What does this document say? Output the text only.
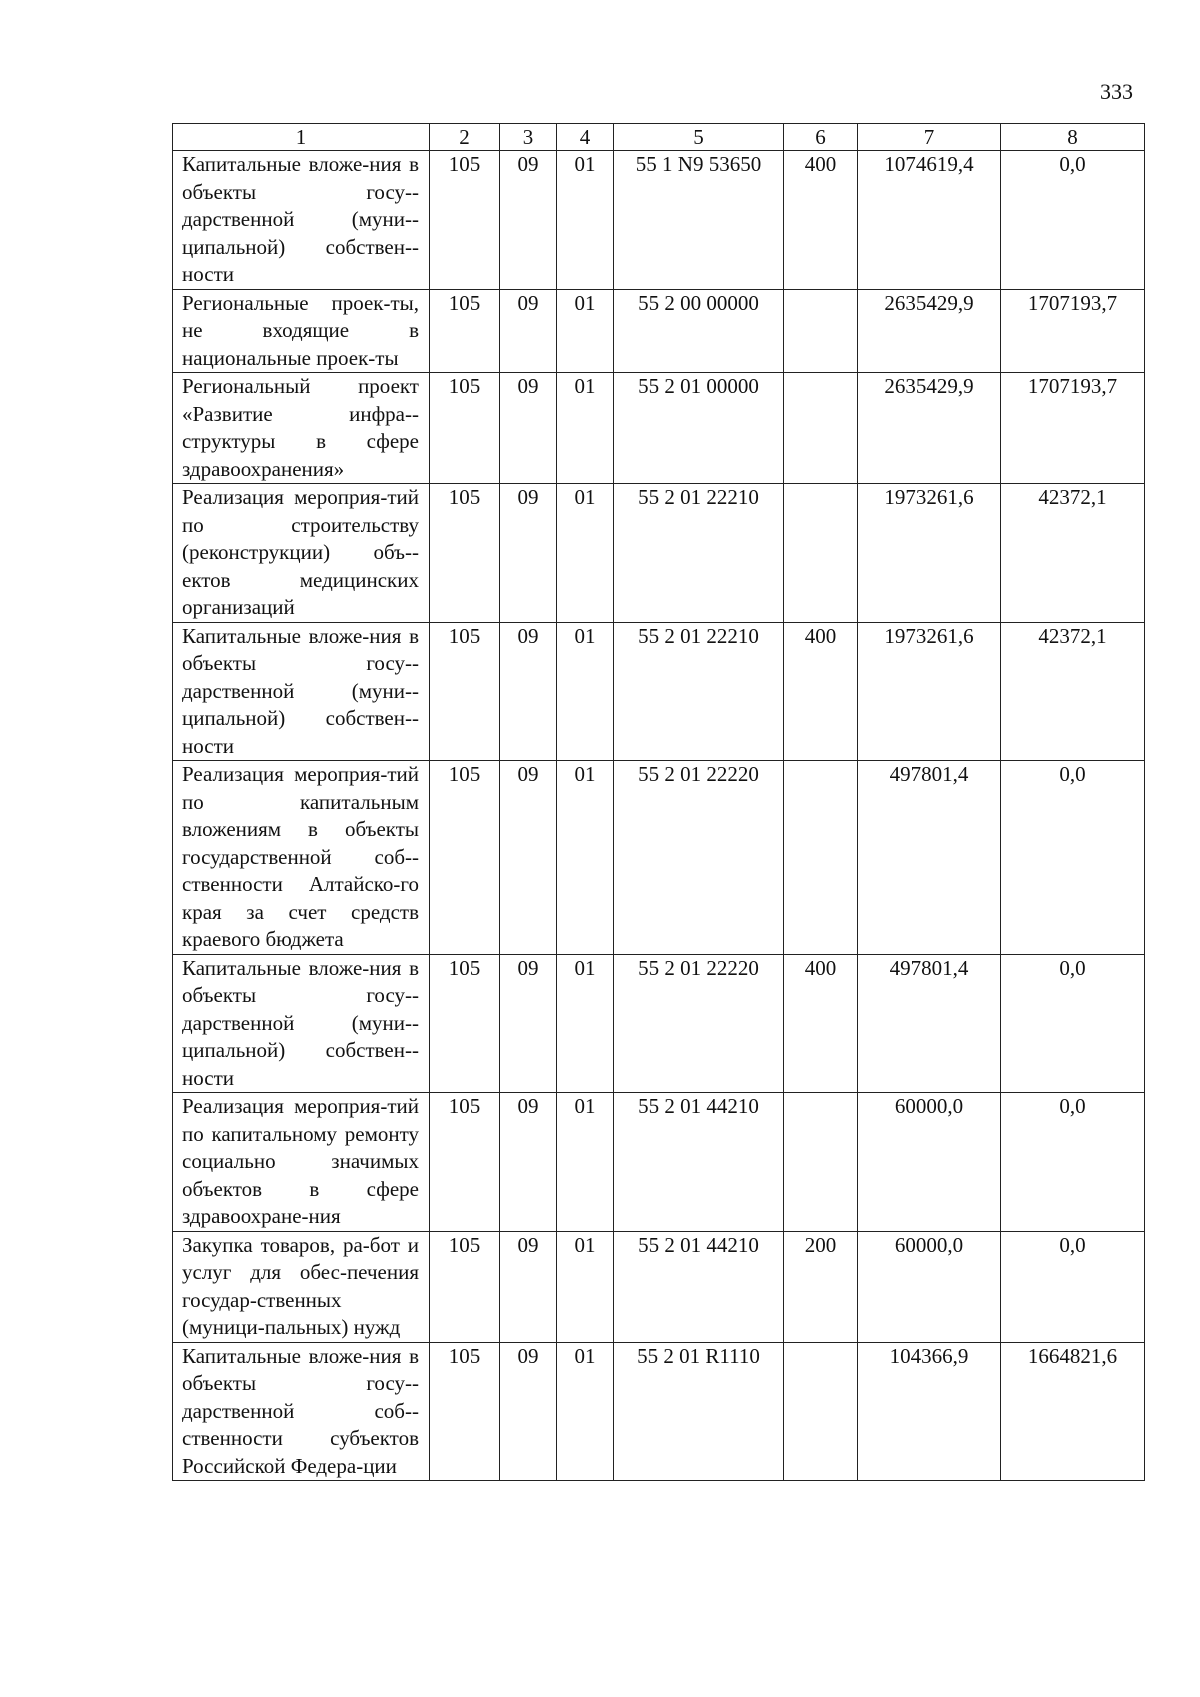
333
1	2	3	4	5	6	7	8
Капитальные вложе-ния в объекты госу-дарственной (муни-ципальной) собствен-ности	105	09	01	55 1 N9 53650	400	1074619,4	0,0
Региональные проек-ты, не входящие в национальные проек-ты	105	09	01	55 2 00 00000		2635429,9	1707193,7
Региональный проект «Развитие инфра-структуры в сфере здравоохранения»	105	09	01	55 2 01 00000		2635429,9	1707193,7
Реализация мероприя-тий по строительству (реконструкции) объ-ектов медицинских организаций	105	09	01	55 2 01 22210		1973261,6	42372,1
Капитальные вложе-ния в объекты госу-дарственной (муни-ципальной) собствен-ности	105	09	01	55 2 01 22210	400	1973261,6	42372,1
Реализация мероприя-тий по капитальным вложениям в объекты государственной соб-ственности Алтайско-го края за счет средств краевого бюджета	105	09	01	55 2 01 22220		497801,4	0,0
Капитальные вложе-ния в объекты госу-дарственной (муни-ципальной) собствен-ности	105	09	01	55 2 01 22220	400	497801,4	0,0
Реализация мероприя-тий по капитальному ремонту социально значимых объектов в сфере здравоохране-ния	105	09	01	55 2 01 44210		60000,0	0,0
Закупка товаров, ра-бот и услуг для обес-печения государ-ственных (муници-пальных) нужд	105	09	01	55 2 01 44210	200	60000,0	0,0
Капитальные вложе-ния в объекты госу-дарственной соб-ственности субъектов Российской Федера-ции	105	09	01	55 2 01 R1110		104366,9	1664821,6
